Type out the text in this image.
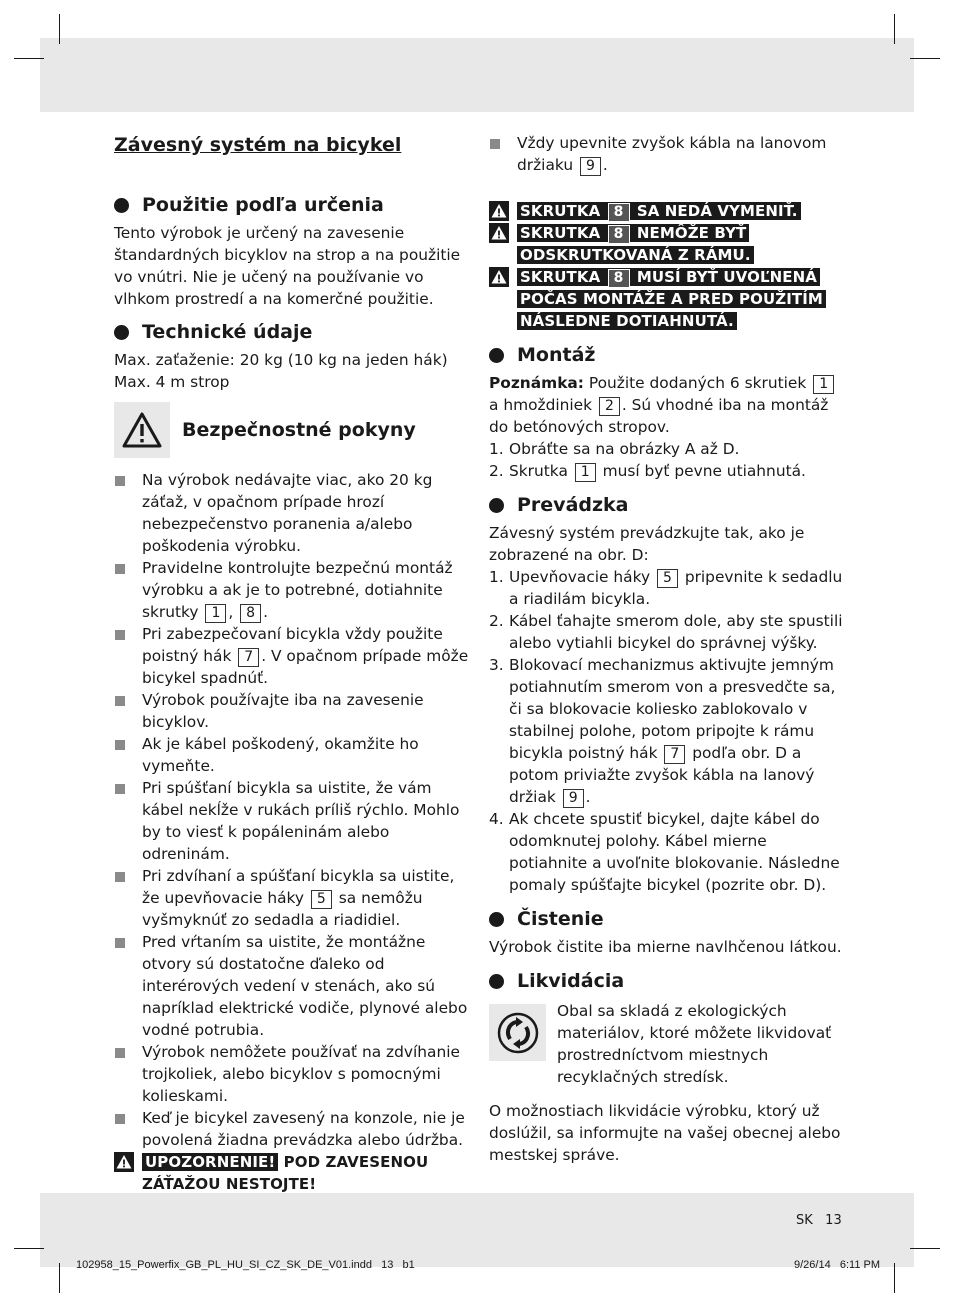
Závesný systém na bicykel
Použitie podľa určenia

Tento výrobok je určený na zavesenie štandardných bicyklov na strop a na použitie vo vnútri. Nie je učený na používanie vo vlhkom prostredí a na komerčné použitie.

Technické údaje

Max. zaťaženie: 20 kg (10 kg na jeden hák)

Max. 4 m strop

Bezpečnostné pokyny
Na výrobok nedávajte viac, ako 20 kg záťaž, v opačnom prípade hrozí nebezpečenstvo poranenia a/alebo poškodenia výrobku.
Pravidelne kontrolujte bezpečnú montáž výrobku a ak je to potrebné, dotiahnite skrutky 1 , 8 .
Pri zabezpečovaní bicykla vždy použite poistný hák 7 . V opačnom prípade môže bicykel spadnúť.
Výrobok používajte iba na zavesenie bicyklov.
Ak je kábel poškodený, okamžite ho vymeňte.
Pri spúšťaní bicykla sa uistite, že vám kábel nekĺže v rukách príliš rýchlo. Mohlo by to viesť k popáleninám alebo odreninám.
Pri zdvíhaní a spúšťaní bicykla sa uistite, že upevňovacie háky 5 sa nemôžu vyšmyknúť zo sedadla a riadidiel.
Pred vŕtaním sa uistite, že montážne otvory sú dostatočne ďaleko od interérových vedení v stenách, ako sú napríklad elektrické vodiče, plynové alebo vodné potrubia.
Výrobok nemôžete používať na zdvíhanie trojkoliek, alebo bicyklov s pomocnými kolieskami.
Keď je bicykel zavesený na konzole, nie je povolená žiadna prevádzka alebo údržba.
UPOZORNENIE! POD ZAVESENOU ZÁŤAŽOU NESTOJTE!
Vždy upevnite zvyšok kábla na lanovom držiaku 9 .
SKRUTKA 8 SA NEDÁ VYMENIŤ.
SKRUTKA 8 NEMÔŽE BYŤ ODSKRUTKOVANÁ Z RÁMU.
SKRUTKA 8 MUSÍ BYŤ UVOĽNENÁ POČAS MONTÁŽE A PRED POUŽITÍM NÁSLEDNE DOTIAHNUTÁ.
Montáž

Poznámka: Použite dodaných 6 skrutiek 1 a hmoždiniek 2 . Sú vhodné iba na montáž do betónových stropov.

1. Obráťte sa na obrázky A až D.
2. Skrutka 1 musí byť pevne utiahnutá.
Prevádzka

Závesný systém prevádzkujte tak, ako je zobrazené na obr. D:

1. Upevňovacie háky 5 pripevnite k sedadlu a riadilám bicykla.
2. Kábel ťahajte smerom dole, aby ste spustili alebo vytiahli bicykel do správnej výšky.
3. Blokovací mechanizmus aktivujte jemným potiahnutím smerom von a presvedčte sa, či sa blokovacie koliesko zablokovalo v stabilnej polohe, potom pripojte k rámu bicykla poistný hák 7 podľa obr. D a potom priviažte zvyšok kábla na lanový držiak 9 .
4. Ak chcete spustiť bicykel, dajte kábel do odomknutej polohy. Kábel mierne potiahnite a uvoľnite blokovanie. Následne pomaly spúšťajte bicykel (pozrite obr. D).
Čistenie

Výrobok čistite iba mierne navlhčenou látkou.

Likvidácia

Obal sa skladá z ekologických materiálov, ktoré môžete likvidovať prostredníctvom miestnych recyklačných stredísk.

O možnostiach likvidácie výrobku, ktorý už doslúžil, sa informujte na vašej obecnej alebo mestskej správe.

SK   13
102958_15_Powerfix_GB_PL_HU_SI_CZ_SK_DE_V01.indd   13   b1	9/26/14   6:11 PM
